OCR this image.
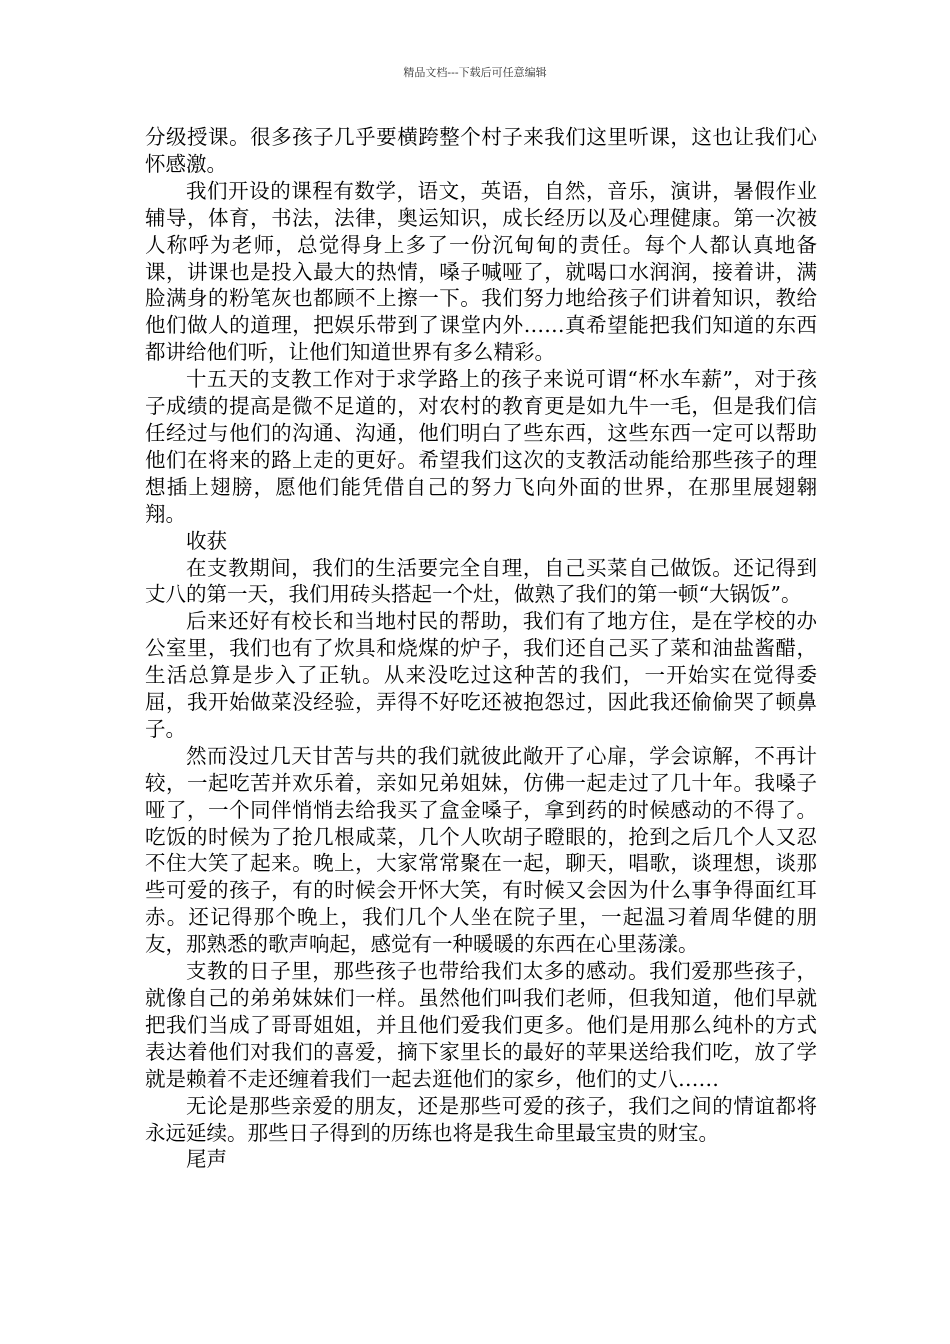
精品文档---下载后可任意编辑

分级授课。很多孩子几乎要横跨整个村子来我们这里听课，这也让我们心怀感激。

我们开设的课程有数学，语文，英语，自然，音乐，演讲，暑假作业辅导，体育，书法，法律，奥运知识，成长经历以及心理健康。第一次被人称呼为老师，总觉得身上多了一份沉甸甸的责任。每个人都认真地备课，讲课也是投入最大的热情，嗓子喊哑了，就喝口水润润，接着讲，满脸满身的粉笔灰也都顾不上擦一下。我们努力地给孩子们讲着知识，教给他们做人的道理，把娱乐带到了课堂内外……真希望能把我们知道的东西都讲给他们听，让他们知道世界有多么精彩。

十五天的支教工作对于求学路上的孩子来说可谓“杯水车薪”，对于孩子成绩的提高是微不足道的，对农村的教育更是如九牛一毛，但是我们信任经过与他们的沟通、沟通，他们明白了些东西，这些东西一定可以帮助他们在将来的路上走的更好。希望我们这次的支教活动能给那些孩子的理想插上翅膀，愿他们能凭借自己的努力飞向外面的世界，在那里展翅翱翔。

收获

在支教期间，我们的生活要完全自理，自己买菜自己做饭。还记得到丈八的第一天，我们用砖头搭起一个灶，做熟了我们的第一顿“大锅饭”。

后来还好有校长和当地村民的帮助，我们有了地方住，是在学校的办公室里，我们也有了炊具和烧煤的炉子，我们还自己买了菜和油盐酱醋，生活总算是步入了正轨。从来没吃过这种苦的我们，一开始实在觉得委屈，我开始做菜没经验，弄得不好吃还被抱怨过，因此我还偷偷哭了顿鼻子。

然而没过几天甘苦与共的我们就彼此敞开了心扉，学会谅解，不再计较，一起吃苦并欢乐着，亲如兄弟姐妹，仿佛一起走过了几十年。我嗓子哑了，一个同伴悄悄去给我买了盒金嗓子，拿到药的时候感动的不得了。吃饭的时候为了抢几根咸菜，几个人吹胡子瞪眼的，抢到之后几个人又忍不住大笑了起来。晚上，大家常常聚在一起，聊天，唱歌，谈理想，谈那些可爱的孩子，有的时候会开怀大笑，有时候又会因为什么事争得面红耳赤。还记得那个晚上，我们几个人坐在院子里，一起温习着周华健的朋友，那熟悉的歌声响起，感觉有一种暖暖的东西在心里荡漾。

支教的日子里，那些孩子也带给我们太多的感动。我们爱那些孩子，就像自己的弟弟妹妹们一样。虽然他们叫我们老师，但我知道，他们早就把我们当成了哥哥姐姐，并且他们爱我们更多。他们是用那么纯朴的方式表达着他们对我们的喜爱，摘下家里长的最好的苹果送给我们吃，放了学就是赖着不走还缠着我们一起去逛他们的家乡，他们的丈八……

无论是那些亲爱的朋友，还是那些可爱的孩子，我们之间的情谊都将永远延续。那些日子得到的历练也将是我生命里最宝贵的财宝。

尾声
